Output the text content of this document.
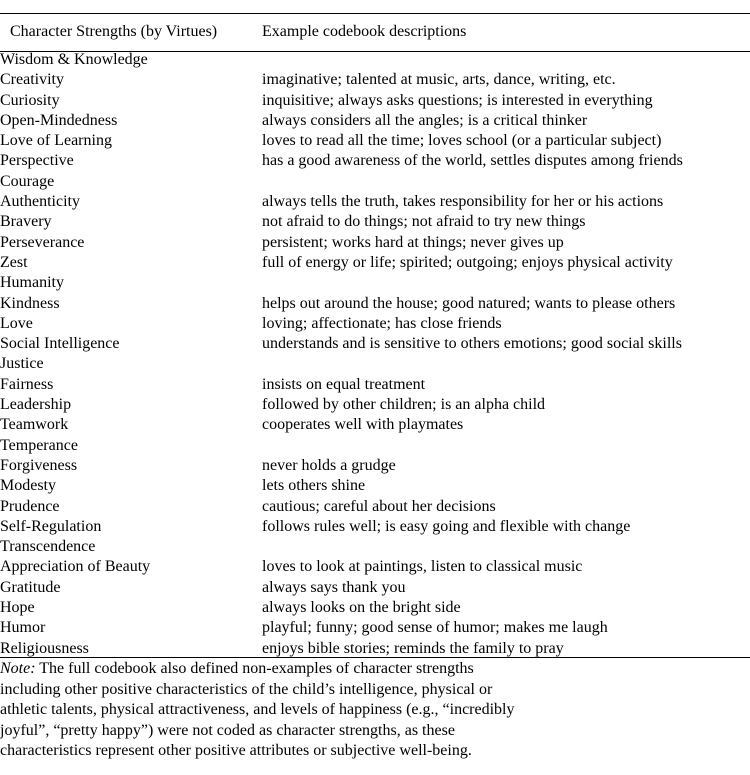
Character Strengths (by Virtues)	Example codebook descriptions
Wisdom & Knowledge	
Creativity	imaginative; talented at music, arts, dance, writing, etc.
Curiosity	inquisitive; always asks questions; is interested in everything
Open-Mindedness	always considers all the angles; is a critical thinker
Love of Learning	loves to read all the time; loves school (or a particular subject)
Perspective	has a good awareness of the world, settles disputes among friends
Courage	
Authenticity	always tells the truth, takes responsibility for her or his actions
Bravery	not afraid to do things; not afraid to try new things
Perseverance	persistent; works hard at things; never gives up
Zest	full of energy or life; spirited; outgoing; enjoys physical activity
Humanity	
Kindness	helps out around the house; good natured; wants to please others
Love	loving; affectionate; has close friends
Social Intelligence	understands and is sensitive to others emotions; good social skills
Justice	
Fairness	insists on equal treatment
Leadership	followed by other children; is an alpha child
Teamwork	cooperates well with playmates
Temperance	
Forgiveness	never holds a grudge
Modesty	lets others shine
Prudence	cautious; careful about her decisions
Self-Regulation	follows rules well; is easy going and flexible with change
Transcendence	
Appreciation of Beauty	loves to look at paintings, listen to classical music
Gratitude	always says thank you
Hope	always looks on the bright side
Humor	playful; funny; good sense of humor; makes me laugh
Religiousness	enjoys bible stories; reminds the family to pray
Note: The full codebook also defined non-examples of character strengths
including other positive characteristics of the child’s intelligence, physical or
athletic talents, physical attractiveness, and levels of happiness (e.g., “incredibly
joyful”, “pretty happy”) were not coded as character strengths, as these
characteristics represent other positive attributes or subjective well-being.
